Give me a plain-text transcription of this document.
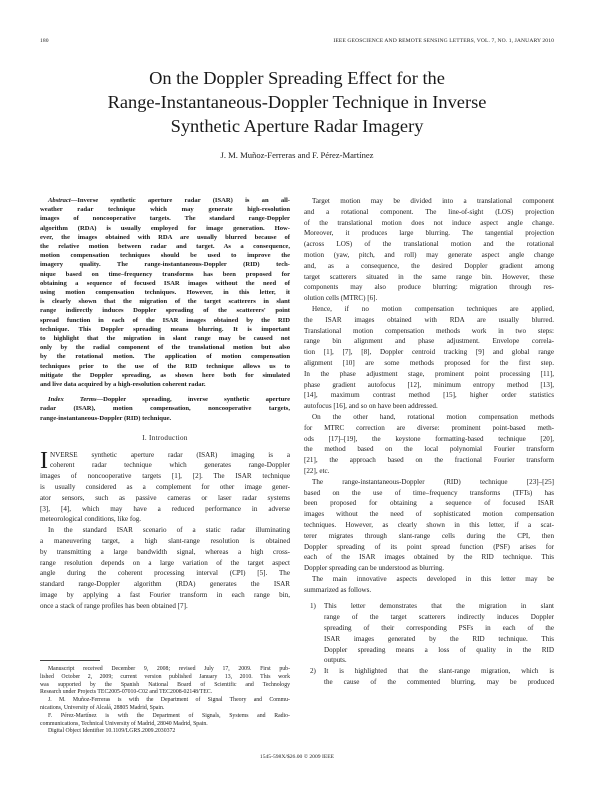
180	IEEE GEOSCIENCE AND REMOTE SENSING LETTERS, VOL. 7, NO. 1, JANUARY 2010
On the Doppler Spreading Effect for the
Range-Instantaneous-Doppler Technique in Inverse
Synthetic Aperture Radar Imagery
J. M. Muñoz-Ferreras and F. Pérez-Martínez
Abstract—Inverse synthetic aperture radar (ISAR) is an all-
weather radar technique which may generate high-resolution
images of noncooperative targets. The standard range-Doppler
algorithm (RDA) is usually employed for image generation. How-
ever, the images obtained with RDA are usually blurred because of
the relative motion between radar and target. As a consequence,
motion compensation techniques should be used to improve the
imagery quality. The range-instantaneous-Doppler (RID) tech-
nique based on time–frequency transforms has been proposed for
obtaining a sequence of focused ISAR images without the need of
using motion compensation techniques. However, in this letter, it
is clearly shown that the migration of the target scatterers in slant
range indirectly induces Doppler spreading of the scatterers' point
spread function in each of the ISAR images obtained by the RID
technique. This Doppler spreading means blurring. It is important
to highlight that the migration in slant range may be caused not
only by the radial component of the translational motion but also
by the rotational motion. The application of motion compensation
techniques prior to the use of the RID technique allows us to
mitigate the Doppler spreading, as shown here both for simulated
and live data acquired by a high-resolution coherent radar.
Index Terms—Doppler spreading, inverse synthetic aperture
radar (ISAR), motion compensation, noncooperative targets,
range-instantaneous-Doppler (RID) technique.
I. Introduction
I NVERSE synthetic aperture radar (ISAR) imaging is a
coherent radar technique which generates range-Doppler
images of noncooperative targets [1], [2]. The ISAR technique
is usually considered as a complement for other image gener-
ator sensors, such as passive cameras or laser radar systems
[3], [4], which may have a reduced performance in adverse
meteorological conditions, like fog.
In the standard ISAR scenario of a static radar illuminating
a maneuvering target, a high slant-range resolution is obtained
by transmitting a large bandwidth signal, whereas a high cross-
range resolution depends on a large variation of the target aspect
angle during the coherent processing interval (CPI) [5]. The
standard range-Doppler algorithm (RDA) generates the ISAR
image by applying a fast Fourier transform in each range bin,
once a stack of range profiles has been obtained [7].
Manuscript received December 9, 2008; revised July 17, 2009. First pub-
lished October 2, 2009; current version published January 13, 2010. This work
was supported by the Spanish National Board of Scientific and Technology
Research under Projects TEC2005-07010-C02 and TEC2008-02148/TEC.
J. M. Muñoz-Ferreras is with the Department of Signal Theory and Commu-
nications, University of Alcalá, 28805 Madrid, Spain.
F. Pérez-Martínez is with the Department of Signals, Systems and Radio-
communications, Technical University of Madrid, 28040 Madrid, Spain.
Digital Object Identifier 10.1109/LGRS.2009.2030372
Target motion may be divided into a translational component
and a rotational component. The line-of-sight (LOS) projection
of the translational motion does not induce aspect angle change.
Moreover, it produces large blurring. The tangential projection
(across LOS) of the translational motion and the rotational
motion (yaw, pitch, and roll) may generate aspect angle change
and, as a consequence, the desired Doppler gradient among
target scatterers situated in the same range bin. However, these
components may also produce blurring: migration through res-
olution cells (MTRC) [6].
Hence, if no motion compensation techniques are applied,
the ISAR images obtained with RDA are usually blurred.
Translational motion compensation methods work in two steps:
range bin alignment and phase adjustment. Envelope correla-
tion [1], [7], [8], Doppler centroid tracking [9] and global range
alignment [10] are some methods proposed for the first step.
In the phase adjustment stage, prominent point processing [11],
phase gradient autofocus [12], minimum entropy method [13],
[14], maximum contrast method [15], higher order statistics
autofocus [16], and so on have been addressed.
On the other hand, rotational motion compensation methods
for MTRC correction are diverse: prominent point-based meth-
ods [17]–[19], the keystone formatting-based technique [20],
the method based on the local polynomial Fourier transform
[21], the approach based on the fractional Fourier transform
[22], etc.
The range-instantaneous-Doppler (RID) technique [23]–[25]
based on the use of time–frequency transforms (TFTs) has
been proposed for obtaining a sequence of focused ISAR
images without the need of sophisticated motion compensation
techniques. However, as clearly shown in this letter, if a scat-
terer migrates through slant-range cells during the CPI, then
Doppler spreading of its point spread function (PSF) arises for
each of the ISAR images obtained by the RID technique. This
Doppler spreading can be understood as blurring.
The main innovative aspects developed in this letter may be
summarized as follows.
1) This letter demonstrates that the migration in slant
range of the target scatterers indirectly induces Doppler
spreading of their corresponding PSFs in each of the
ISAR images generated by the RID technique. This
Doppler spreading means a loss of quality in the RID
outputs.
2) It is highlighted that the slant-range migration, which is
the cause of the commented blurring, may be produced
1545-598X/$26.00 © 2009 IEEE
